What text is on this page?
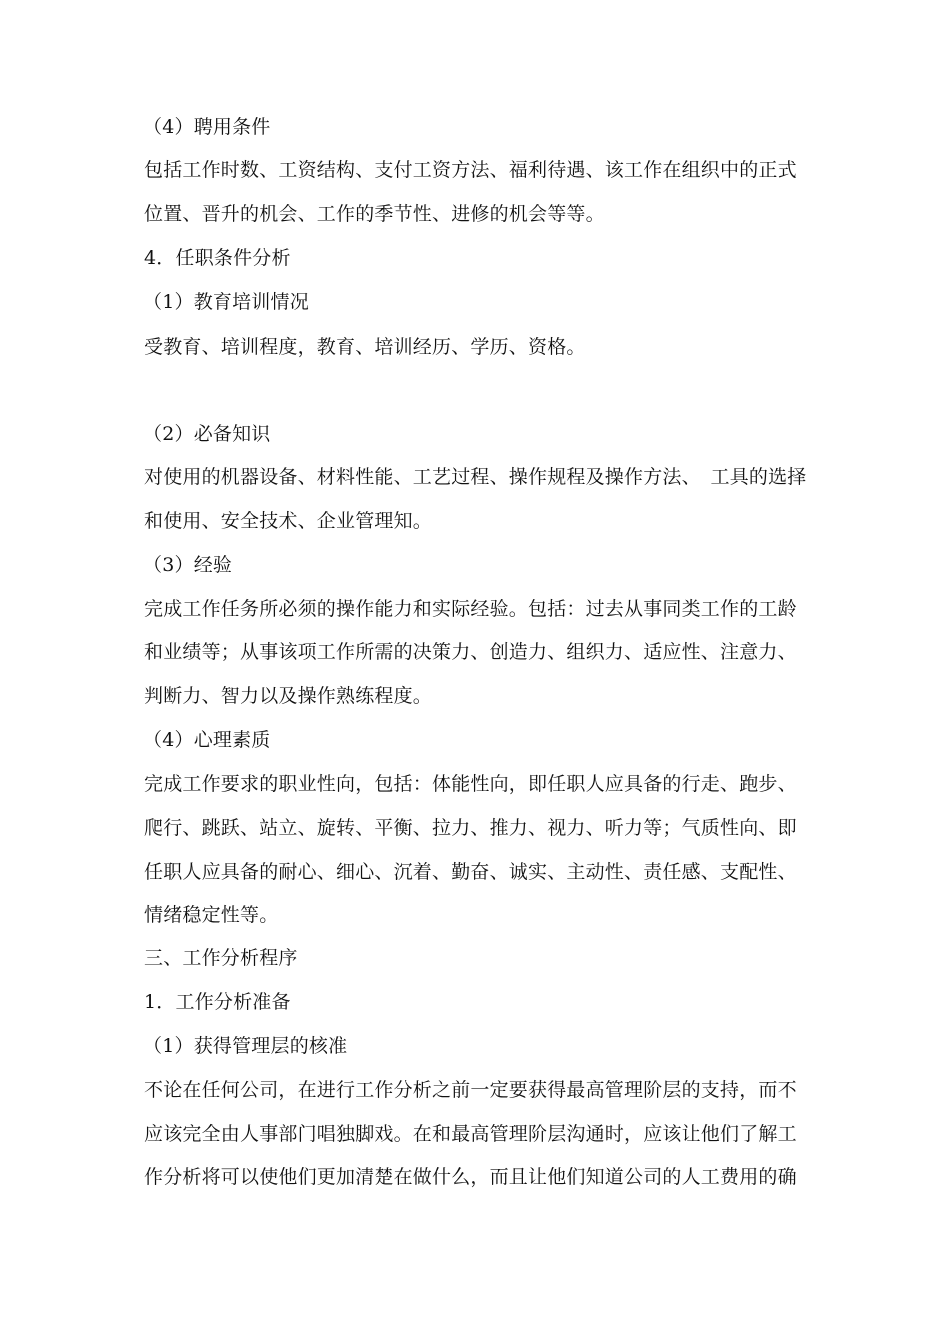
（4）聘用条件
包括工作时数、工资结构、支付工资方法、福利待遇、该工作在组织中的正式
位置、晋升的机会、工作的季节性、进修的机会等等。
4．任职条件分析
（1）教育培训情况
受教育、培训程度，教育、培训经历、学历、资格。
（2）必备知识
对使用的机器设备、材料性能、工艺过程、操作规程及操作方法、　工具的选择
和使用、安全技术、企业管理知。
（3）经验
完成工作任务所必须的操作能力和实际经验。包括：过去从事同类工作的工龄
和业绩等；从事该项工作所需的决策力、创造力、组织力、适应性、注意力、
判断力、智力以及操作熟练程度。
（4）心理素质
完成工作要求的职业性向，包括：体能性向，即任职人应具备的行走、跑步、
爬行、跳跃、站立、旋转、平衡、拉力、推力、视力、听力等；气质性向、即
任职人应具备的耐心、细心、沉着、勤奋、诚实、主动性、责任感、支配性、
情绪稳定性等。
三、工作分析程序
1．工作分析准备
（1）获得管理层的核准
不论在任何公司，在进行工作分析之前一定要获得最高管理阶层的支持，而不
应该完全由人事部门唱独脚戏。在和最高管理阶层沟通时，应该让他们了解工
作分析将可以使他们更加清楚在做什么，而且让他们知道公司的人工费用的确
